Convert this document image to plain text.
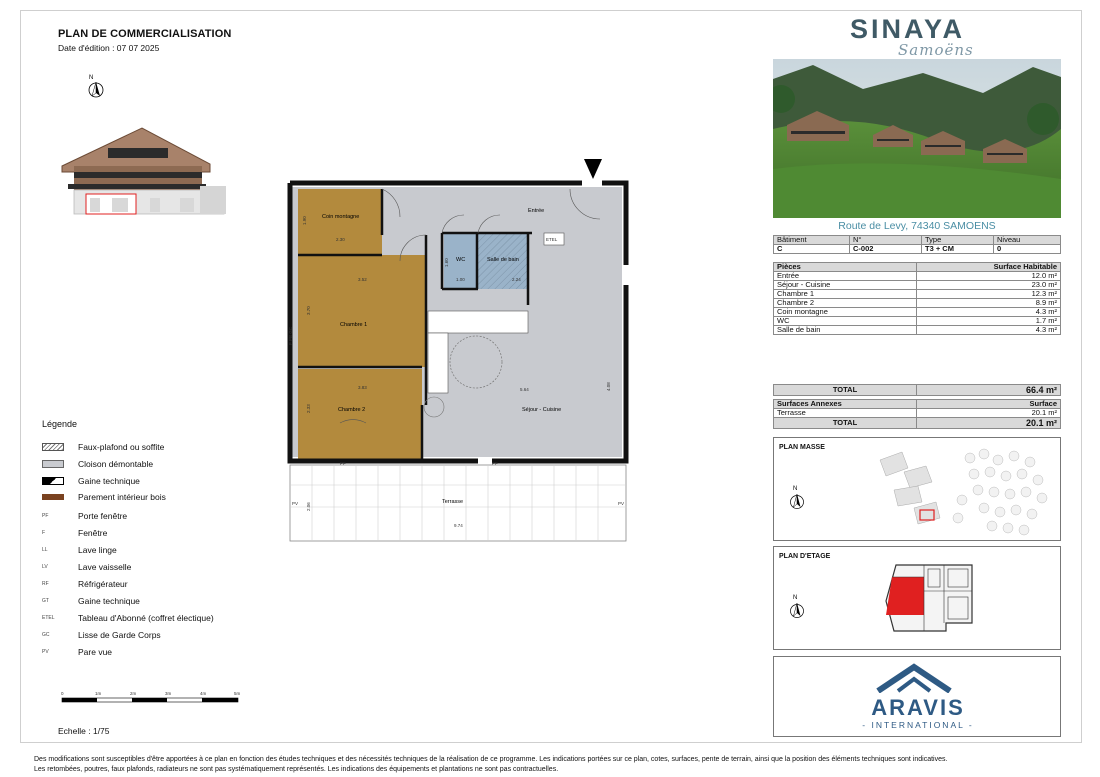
PLAN DE COMMERCIALISATION
Date d'édition : 07 07 2025
N
Coin montagne
Entrée
WC	Salle de bain
Chambre 1
Chambre 2	Séjour - Cuisine
Terrasse
1.90
2.30
3.52
3.70
3.83
2.33
1.00
1.60
2.24
5.64	4.08
2.06
9.74
ETEL
PF	PF
F PB GC
PV
PV
Légende
Faux-plafond ou soffite
Cloison démontable
Gaine technique
Parement intérieur bois
PF	Porte fenêtre
F	Fenêtre
LL	Lave linge
LV	Lave vaisselle
RF	Réfrigérateur
GT	Gaine technique
ETEL	Tableau d'Abonné (coffret électique)
GC	Lisse de Garde Corps
PV	Pare vue
0	1m	2m	3m	4m	5m
Echelle : 1/75
Des modifications sont susceptibles d'être apportées à ce plan en fonction des études techniques et des nécessités techniques de la réalisation de ce programme. Les indications portées sur ce plan, cotes, surfaces, pente de terrain, ainsi que la position des éléments techniques sont indicatives.
Les retombées, poutres, faux plafonds, radiateurs ne sont pas systématiquement représentés. Les indications des équipements et plantations ne sont pas contractuelles.
SINAYA
Samoëns
Route de Levy, 74340 SAMOENS
Bâtiment	N°	Type	Niveau
C	C-002	T3 + CM	0
Pièces	Surface Habitable
Entrée	12.0 m²
Séjour - Cuisine	23.0 m²
Chambre 1	12.3 m²
Chambre 2	8.9 m²
Coin montagne	4.3 m²
WC	1.7 m²
Salle de bain	4.3 m²
TOTAL	66.4 m²
Surfaces Annexes	Surface
Terrasse	20.1 m²
TOTAL	20.1 m²
PLAN MASSE
N
PLAN D'ETAGE
N
ARAVIS
- INTERNATIONAL -
